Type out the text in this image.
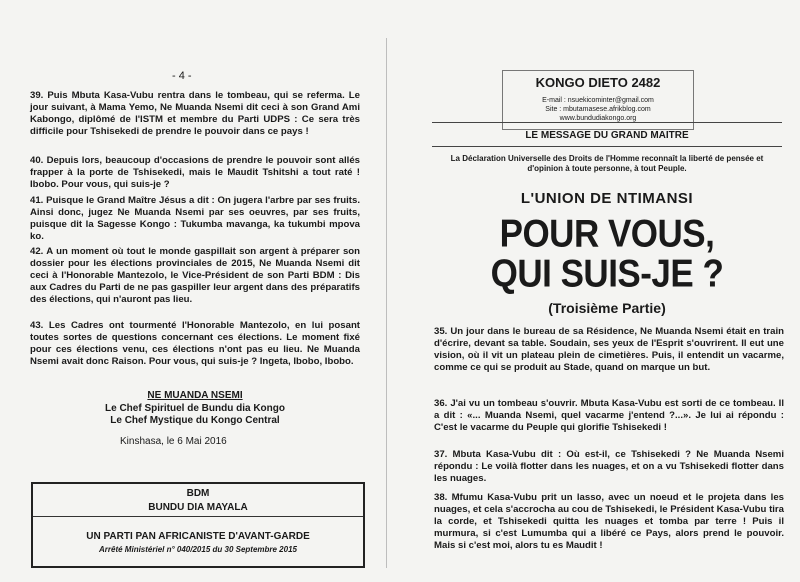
- 4 -

39. Puis Mbuta Kasa-Vubu rentra dans le tombeau, qui se referma. Le jour suivant, à Mama Yemo, Ne Muanda Nsemi dit ceci à son Grand Ami Kabongo, diplômé de l'ISTM et membre du Parti UDPS : Ce sera très difficile pour Tshisekedi de prendre le pouvoir dans ce pays !

40. Depuis lors, beaucoup d'occasions de prendre le pouvoir sont allés frapper à la porte de Tshisekedi, mais le Maudit Tshitshi a tout raté ! Ibobo. Pour vous, qui suis-je ?

41. Puisque le Grand Maître Jésus a dit : On jugera l'arbre par ses fruits. Ainsi donc, jugez Ne Muanda Nsemi par ses oeuvres, par ses fruits, puisque dit la Sagesse Kongo : Tukumba mavanga, ka tukumbi mpova ko.

42. A un moment où tout le monde gaspillait son argent à préparer son dossier pour les élections provinciales de 2015, Ne Muanda Nsemi dit ceci à l'Honorable Mantezolo, le Vice-Président de son Parti BDM : Dis aux Cadres du Parti de ne pas gaspiller leur argent dans des préparatifs des élections, qui n'auront pas lieu.

43. Les Cadres ont tourmenté l'Honorable Mantezolo, en lui posant toutes sortes de questions concernant ces élections. Le moment fixé pour ces élections venu, ces élections n'ont pas eu lieu. Ne Muanda Nsemi avait donc Raison. Pour vous, qui suis-je ? Ingeta, Ibobo, Ibobo.

NE MUANDA NSEMI
Le Chef Spirituel de Bundu dia Kongo
Le Chef Mystique du Kongo Central
Kinshasa, le 6 Mai 2016
BDM
BUNDU DIA MAYALA
UN PARTI PAN AFRICANISTE D'AVANT-GARDE
Arrêté Ministériel n° 040/2015 du 30 Septembre 2015
KONGO DIETO 2482
E-mail : nsuekicominter@gmail.com
Site : mbutamasese.afrikblog.com
www.bundudiakongo.org
LE MESSAGE DU GRAND MAITRE
La Déclaration Universelle des Droits de l'Homme reconnaît la liberté de pensée et d'opinion à toute personne, à tout Peuple.
L'UNION DE NTIMANSI
POUR VOUS,
QUI SUIS-JE ?
(Troisième Partie)

35. Un jour dans le bureau de sa Résidence, Ne Muanda Nsemi était en train d'écrire, devant sa table. Soudain, ses yeux de l'Esprit s'ouvrirent. Il eut une vision, où il vit un plateau plein de cimetières. Puis, il entendit un vacarme, comme ce qui se produit au Stade, quand on marque un but.

36. J'ai vu un tombeau s'ouvrir. Mbuta Kasa-Vubu est sorti de ce tombeau. Il a dit : «... Muanda Nsemi, quel vacarme j'entend ?...». Je lui ai répondu : C'est le vacarme du Peuple qui glorifie Tshisekedi !

37. Mbuta Kasa-Vubu dit : Où est-il, ce Tshisekedi ? Ne Muanda Nsemi répondu : Le voilà flotter dans les nuages, et on a vu Tshisekedi flotter dans les nuages.

38. Mfumu Kasa-Vubu prit un lasso, avec un noeud et le projeta dans les nuages, et cela s'accrocha au cou de Tshisekedi, le Président Kasa-Vubu tira la corde, et Tshisekedi quitta les nuages et tomba par terre ! Puis il murmura, si c'est Lumumba qui a libéré ce Pays, alors prend le pouvoir. Mais si c'est moi, alors tu es Maudit !
